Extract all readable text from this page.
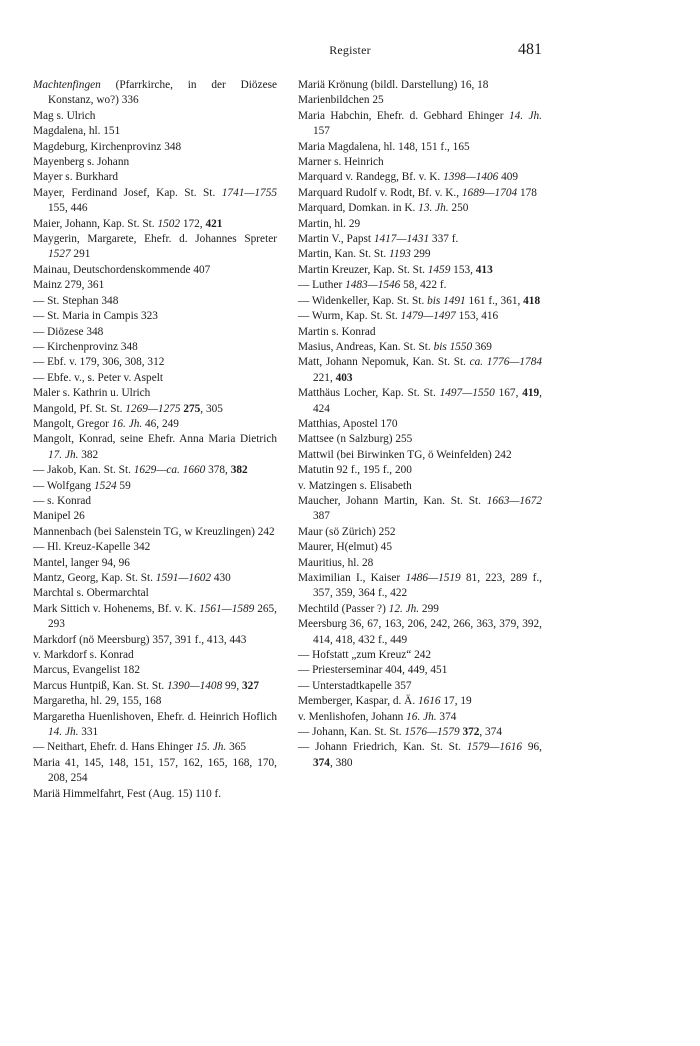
Register	481

Machtenfingen (Pfarrkirche, in der Diözese Konstanz, wo?) 336

Mag s. Ulrich

Magdalena, hl. 151

Magdeburg, Kirchenprovinz 348

Mayenberg s. Johann

Mayer s. Burkhard

Mayer, Ferdinand Josef, Kap. St. St. 1741—1755 155, 446

Maier, Johann, Kap. St. St. 1502 172, 421

Maygerin, Margarete, Ehefr. d. Johannes Spreter 1527 291

Mainau, Deutschordenskommende 407

Mainz 279, 361

— St. Stephan 348

— St. Maria in Campis 323

— Diözese 348

— Kirchenprovinz 348

— Ebf. v. 179, 306, 308, 312

— Ebfe. v., s. Peter v. Aspelt

Maler s. Kathrin u. Ulrich

Mangold, Pf. St. St. 1269—1275 275, 305

Mangolt, Gregor 16. Jh. 46, 249

Mangolt, Konrad, seine Ehefr. Anna Maria Dietrich 17. Jh. 382

— Jakob, Kan. St. St. 1629—ca. 1660 378, 382

— Wolfgang 1524 59

— s. Konrad

Manipel 26

Mannenbach (bei Salenstein TG, w Kreuzlingen) 242

— Hl. Kreuz-Kapelle 342

Mantel, langer 94, 96

Mantz, Georg, Kap. St. St. 1591—1602 430

Marchtal s. Obermarchtal

Mark Sittich v. Hohenems, Bf. v. K. 1561—1589 265, 293

Markdorf (nö Meersburg) 357, 391 f., 413, 443

v. Markdorf s. Konrad

Marcus, Evangelist 182

Marcus Huntpiß, Kan. St. St. 1390—1408 99, 327

Margaretha, hl. 29, 155, 168

Margaretha Huenlishoven, Ehefr. d. Heinrich Hoflich 14. Jh. 331

— Neithart, Ehefr. d. Hans Ehinger 15. Jh. 365

Maria 41, 145, 148, 151, 157, 162, 165, 168, 170, 208, 254

Mariä Himmelfahrt, Fest (Aug. 15) 110 f.

Mariä Krönung (bildl. Darstellung) 16, 18

Marienbildchen 25

Maria Habchin, Ehefr. d. Gebhard Ehinger 14. Jh. 157

Maria Magdalena, hl. 148, 151 f., 165

Marner s. Heinrich

Marquard v. Randegg, Bf. v. K. 1398—1406 409

Marquard Rudolf v. Rodt, Bf. v. K., 1689—1704 178

Marquard, Domkan. in K. 13. Jh. 250

Martin, hl. 29

Martin V., Papst 1417—1431 337 f.

Martin, Kan. St. St. 1193 299

Martin Kreuzer, Kap. St. St. 1459 153, 413

— Luther 1483—1546 58, 422 f.

— Widenkeller, Kap. St. St. bis 1491 161 f., 361, 418

— Wurm, Kap. St. St. 1479—1497 153, 416

Martin s. Konrad

Masius, Andreas, Kan. St. St. bis 1550 369

Matt, Johann Nepomuk, Kan. St. St. ca. 1776—1784 221, 403

Matthäus Locher, Kap. St. St. 1497—1550 167, 419, 424

Matthias, Apostel 170

Mattsee (n Salzburg) 255

Mattwil (bei Birwinken TG, ö Weinfelden) 242

Matutin 92 f., 195 f., 200

v. Matzingen s. Elisabeth

Maucher, Johann Martin, Kan. St. St. 1663—1672 387

Maur (sö Zürich) 252

Maurer, H(elmut) 45

Mauritius, hl. 28

Maximilian I., Kaiser 1486—1519 81, 223, 289 f., 357, 359, 364 f., 422

Mechtild (Passer ?) 12. Jh. 299

Meersburg 36, 67, 163, 206, 242, 266, 363, 379, 392, 414, 418, 432 f., 449

— Hofstatt „zum Kreuz“ 242

— Priesterseminar 404, 449, 451

— Unterstadtkapelle 357

Memberger, Kaspar, d. Ä. 1616 17, 19

v. Menlishofen, Johann 16. Jh. 374

— Johann, Kan. St. St. 1576—1579 372, 374

— Johann Friedrich, Kan. St. St. 1579—1616 96, 374, 380
